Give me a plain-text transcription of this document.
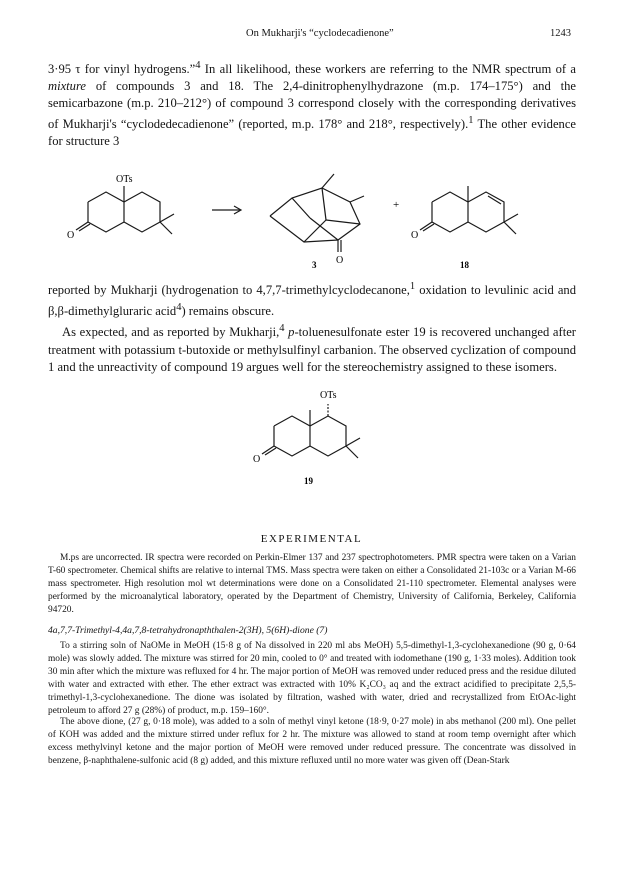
On Mukharji's “cyclodecadienone”	1243

3·95 τ for vinyl hydrogens.”$^4$ In all likelihood, these workers are referring to the NMR spectrum of a mixture of compounds 3 and 18. The 2,4-dinitrophenylhydrazone (m.p. 174–175°) and the semicarbazone (m.p. 210–212°) of compound 3 correspond closely with the corresponding derivatives of Mukharji's “cyclodedecadienone” (reported, m.p. 178° and 218°, respectively).$^1$ The other evidence for structure 3

OTs
O
O
+
O
3	18

reported by Mukharji (hydrogenation to 4,7,7-trimethylcyclodecanone,$^1$ oxidation to levulinic acid and β,β-dimethylgluraric acid$^4$) remains obscure.

As expected, and as reported by Mukharji,$^4$ p-toluenesulfonate ester 19 is recovered unchanged after treatment with potassium t-butoxide or methylsulfinyl carbanion. The observed cyclization of compound 1 and the unreactivity of compound 19 argues well for the stereochemistry assigned to these isomers.

OTs
O
19
EXPERIMENTAL

M.ps are uncorrected. IR spectra were recorded on Perkin-Elmer 137 and 237 spectrophotometers. PMR spectra were taken on a Varian T-60 spectrometer. Chemical shifts are relative to internal TMS. Mass spectra were taken on either a Consolidated 21-103c or a Varian M-66 mass spectrometer. High resolution mol wt determinations were done on a Consolidated 21-110 spectrometer. Elemental analyses were performed by the microanalytical laboratory, operated by the Department of Chemistry, University of California, Berkeley, California 94720.

4a,7,7-Trimethyl-4,4a,7,8-tetrahydronapththalen-2(3H), 5(6H)-dione (7)

To a stirring soln of NaOMe in MeOH (15·8 g of Na dissolved in 220 ml abs MeOH) 5,5-dimethyl-1,3-cyclohexanedione (90 g, 0·64 mole) was slowly added. The mixture was stirred for 20 min, cooled to 0° and treated with iodomethane (190 g, 1·33 moles). Addition took 30 min after which the mixture was refluxed for 4 hr. The major portion of MeOH was removed under reduced press and the residue diluted with water and extracted with ether. The ether extract was extracted with 10% K₂CO₃ aq and the extract acidified to precipitate 2,5,5-trimethyl-1,3-cyclohexanedione. The dione was isolated by filtration, washed with water, dried and recrystallized from EtOAc-light petroleum to afford 27 g (28%) of product, m.p. 159–160°.

The above dione, (27 g, 0·18 mole), was added to a soln of methyl vinyl ketone (18·9, 0·27 mole) in abs methanol (200 ml). One pellet of KOH was added and the mixture stirred under reflux for 2 hr. The mixture was allowed to stand at room temp overnight after which excess methylvinyl ketone and the major portion of MeOH were removed under reduced pressure. The concentrate was dissolved in benzene, β-naphthalene-sulfonic acid (8 g) added, and this mixture refluxed until no more water was given off (Dean-Stark
